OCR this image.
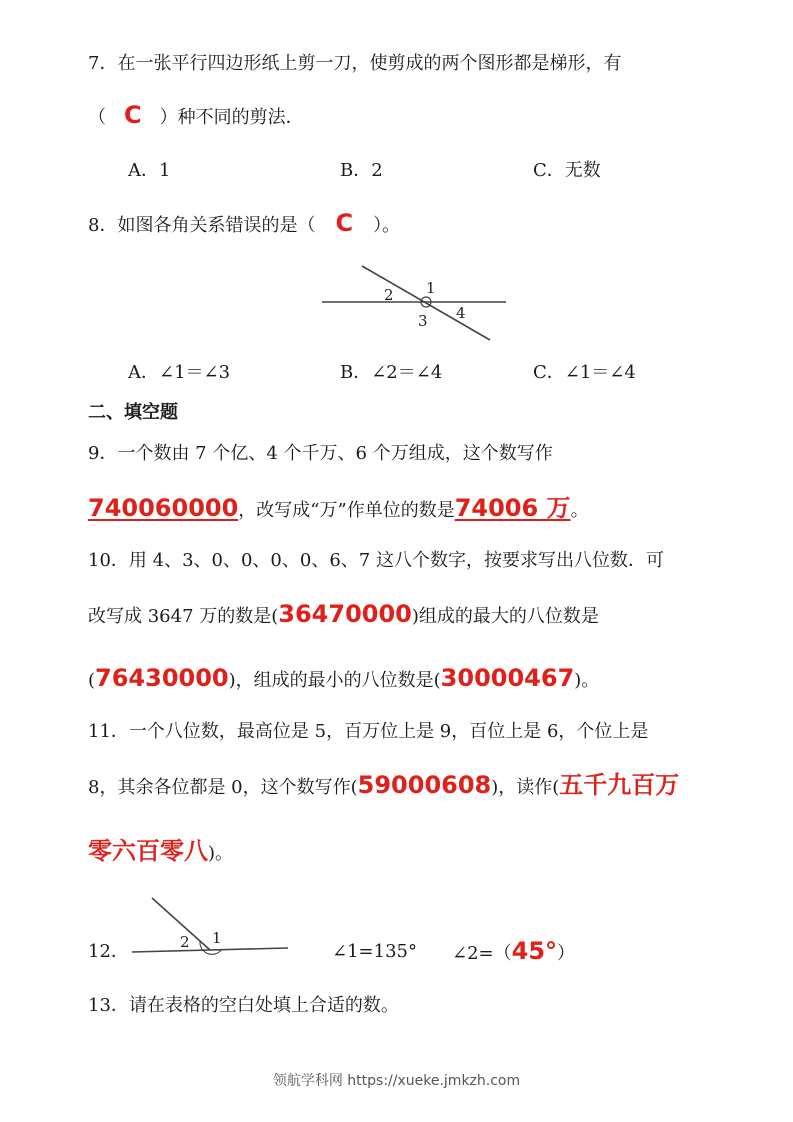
7．在一张平行四边形纸上剪一刀，使剪成的两个图形都是梯形，有
（ C ）种不同的剪法．
A．1	B．2	C．无数
8．如图各角关系错误的是（ C ）。
1
2
3 4
A．∠1＝∠3	B．∠2＝∠4	C．∠1＝∠4
二、填空题
9．一个数由 7 个亿、4 个千万、6 个万组成，这个数写作
740060000，改写成“万”作单位的数是74006 万。
10．用 4、3、0、0、0、0、6、7 这八个数字，按要求写出八位数．可
改写成 3647 万的数是(36470000)组成的最大的八位数是
(76430000)，组成的最小的八位数是(30000467)。
11．一个八位数，最高位是 5，百万位上是 9，百位上是 6，个位上是
8，其余各位都是 0，这个数写作(59000608)，读作(五千九百万
零六百零八)。
12．
1
2	∠1=135° ∠2=（45°）
13．请在表格的空白处填上合适的数。
领航学科网 https://xueke.jmkzh.com
